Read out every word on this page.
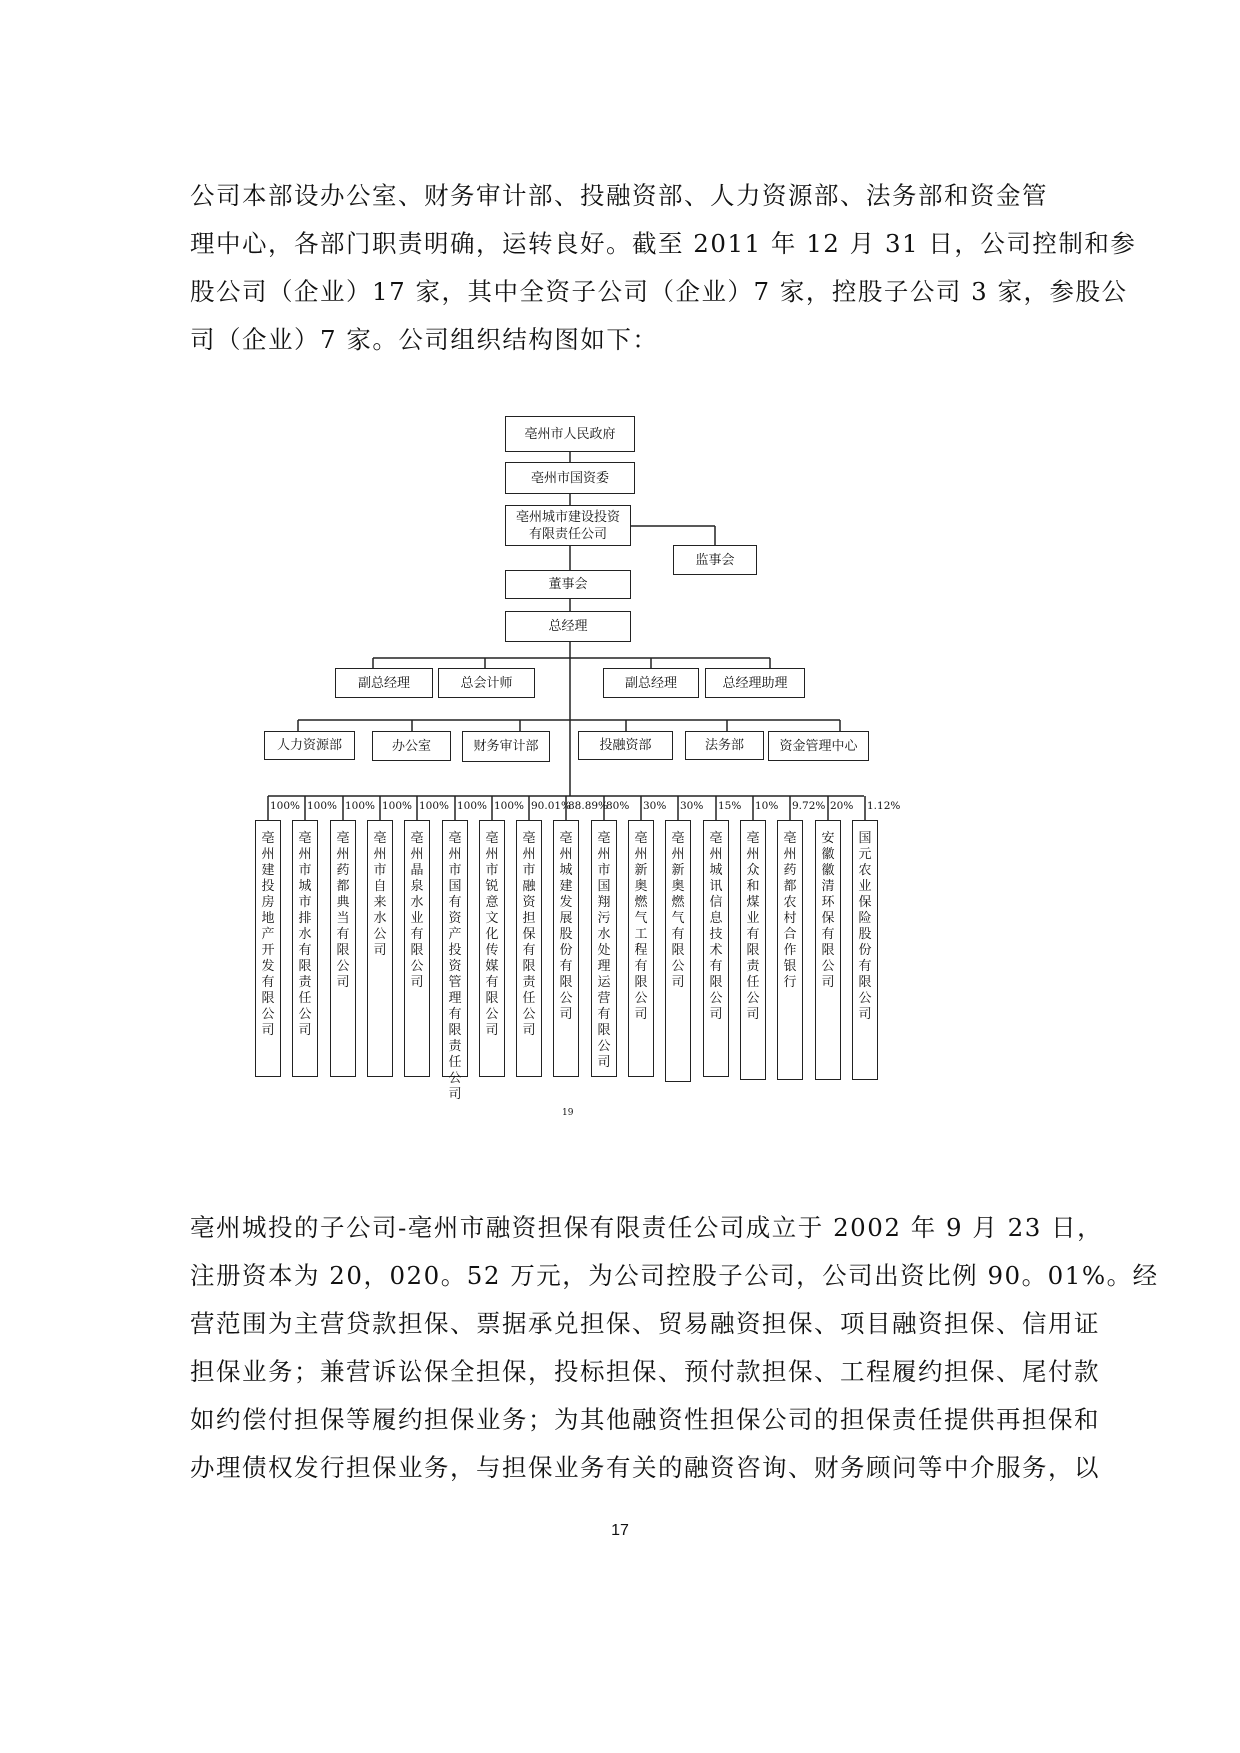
公司本部设办公室、财务审计部、投融资部、人力资源部、法务部和资金管
理中心，各部门职责明确，运转良好。截至 2011 年 12 月 31 日，公司控制和参
股公司（企业）17 家，其中全资子公司（企业）7 家，控股子公司 3 家，参股公
司（企业）7 家。公司组织结构图如下：

亳州市人民政府
亳州市国资委
亳州城市建设投资
有限责任公司
监事会
董事会
总经理
副总经理	总会计师	副总经理	总经理助理
人力资源部	办公室	财务审计部	投融资部	法务部	资金管理中心
亳州建投房地产开发有限公司
100%
亳州市城市排水有限责任公司
100%
亳州药都典当有限公司
100%
亳州市自来水公司
100%
亳州晶泉水业有限公司
100%
亳州市国有资产投资管理有限责任公司
100%
亳州市锐意文化传媒有限公司
100%
亳州市融资担保有限责任公司
90.01%
亳州城建发展股份有限公司
88.89%
亳州市国翔污水处理运营有限公司
80%
亳州新奥燃气工程有限公司
30%
亳州新奥燃气有限公司
30%
亳州城讯信息技术有限公司
15%
亳州众和煤业有限责任公司
10%
亳州药都农村合作银行
9.72%
安徽徽清环保有限公司
20%
国元农业保险股份有限公司
1.12%
19

亳州城投的子公司-亳州市融资担保有限责任公司成立于 2002 年 9 月 23 日，
注册资本为 20，020。52 万元，为公司控股子公司，公司出资比例 90。01%。经
营范围为主营贷款担保、票据承兑担保、贸易融资担保、项目融资担保、信用证
担保业务；兼营诉讼保全担保，投标担保、预付款担保、工程履约担保、尾付款
如约偿付担保等履约担保业务；为其他融资性担保公司的担保责任提供再担保和
办理债权发行担保业务，与担保业务有关的融资咨询、财务顾问等中介服务，以

17
